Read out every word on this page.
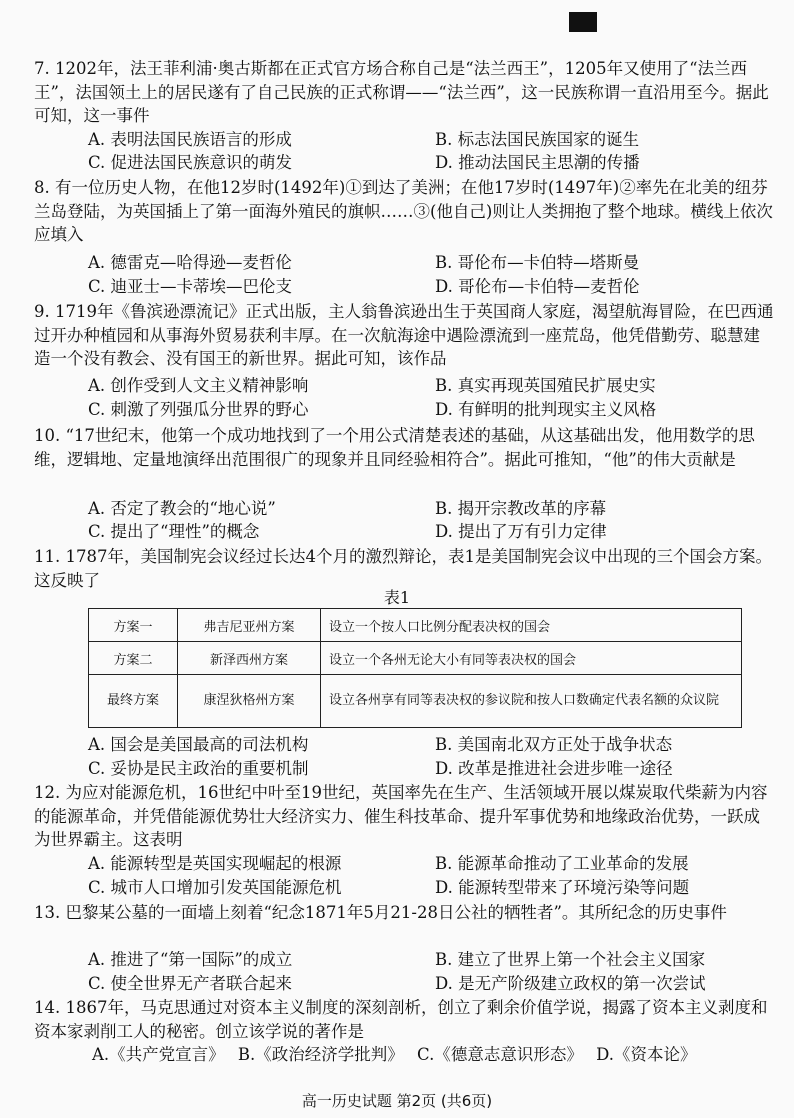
7. 1202年，法王菲利浦·奥古斯都在正式官方场合称自己是“法兰西王”，1205年又使用了“法兰西王”，法国领土上的居民遂有了自己民族的正式称谓——“法兰西”，这一民族称谓一直沿用至今。据此可知，这一事件
A. 表明法国民族语言的形成	B. 标志法国民族国家的诞生
C. 促进法国民族意识的萌发	D. 推动法国民主思潮的传播
8. 有一位历史人物，在他12岁时(1492年)①到达了美洲；在他17岁时(1497年)②率先在北美的纽芬兰岛登陆，为英国插上了第一面海外殖民的旗帜……③(他自己)则让人类拥抱了整个地球。横线上依次应填入
A. 德雷克—哈得逊—麦哲伦	B. 哥伦布—卡伯特—塔斯曼
C. 迪亚士—卡蒂埃—巴伦支	D. 哥伦布—卡伯特—麦哲伦
9. 1719年《鲁滨逊漂流记》正式出版，主人翁鲁滨逊出生于英国商人家庭，渴望航海冒险，在巴西通过开办种植园和从事海外贸易获利丰厚。在一次航海途中遇险漂流到一座荒岛，他凭借勤劳、聪慧建造一个没有教会、没有国王的新世界。据此可知，该作品
A. 创作受到人文主义精神影响	B. 真实再现英国殖民扩展史实
C. 刺激了列强瓜分世界的野心	D. 有鲜明的批判现实主义风格
10. “17世纪末，他第一个成功地找到了一个用公式清楚表述的基础，从这基础出发，他用数学的思维，逻辑地、定量地演绎出范围很广的现象并且同经验相符合”。据此可推知，“他”的伟大贡献是
A. 否定了教会的“地心说”	B. 揭开宗教改革的序幕
C. 提出了“理性”的概念	D. 提出了万有引力定律
11. 1787年，美国制宪会议经过长达4个月的激烈辩论，表1是美国制宪会议中出现的三个国会方案。这反映了
表1
方案一	弗吉尼亚州方案	设立一个按人口比例分配表决权的国会
方案二	新泽西州方案	设立一个各州无论大小有同等表决权的国会
最终方案	康涅狄格州方案	设立各州享有同等表决权的参议院和按人口数确定代表名额的众议院
A. 国会是美国最高的司法机构	B. 美国南北双方正处于战争状态
C. 妥协是民主政治的重要机制	D. 改革是推进社会进步唯一途径
12. 为应对能源危机，16世纪中叶至19世纪，英国率先在生产、生活领域开展以煤炭取代柴薪为内容的能源革命，并凭借能源优势壮大经济实力、催生科技革命、提升军事优势和地缘政治优势，一跃成为世界霸主。这表明
A. 能源转型是英国实现崛起的根源	B. 能源革命推动了工业革命的发展
C. 城市人口增加引发英国能源危机	D. 能源转型带来了环境污染等问题
13. 巴黎某公墓的一面墙上刻着“纪念1871年5月21-28日公社的牺牲者”。其所纪念的历史事件
A. 推进了“第一国际”的成立	B. 建立了世界上第一个社会主义国家
C. 使全世界无产者联合起来	D. 是无产阶级建立政权的第一次尝试
14. 1867年，马克思通过对资本主义制度的深刻剖析，创立了剩余价值学说，揭露了资本主义剥度和资本家剥削工人的秘密。创立该学说的著作是
A.《共产党宣言》 B.《政治经济学批判》 C.《德意志意识形态》 D.《资本论》
高一历史试题 第2页 (共6页)
